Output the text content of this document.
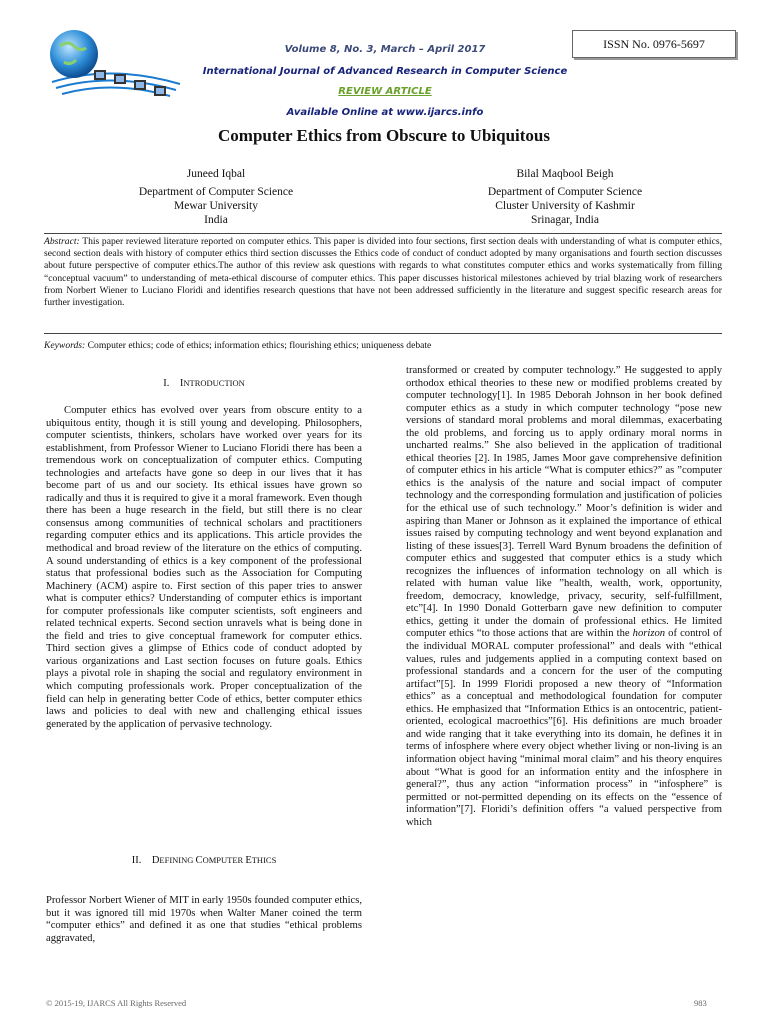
ISSN No. 0976-5697
Volume 8, No. 3, March – April 2017
International Journal of Advanced Research in Computer Science
REVIEW ARTICLE
Available Online at www.ijarcs.info
Computer Ethics from Obscure to Ubiquitous
Juneed Iqbal
Department of Computer Science
Mewar University
India
Bilal Maqbool Beigh
Department of Computer Science
Cluster University of Kashmir
Srinagar, India
Abstract: This paper reviewed literature reported on computer ethics. This paper is divided into four sections, first section deals with understanding of what is computer ethics, second section deals with history of computer ethics third section discusses the Ethics code of conduct of conduct adopted by many organisations and fourth section discusses about future perspective of computer ethics.The author of this review ask questions with regards to what constitutes computer ethics and works systematically from filling “conceptual vacuum” to understanding of meta-ethical discourse of computer ethics. This paper discusses historical milestones achieved by trial blazing work of researchers from Norbert Wiener to Luciano Floridi and identifies research questions that have not been addressed sufficiently in the literature and suggest specific research areas for further investigation.
Keywords: Computer ethics; code of ethics; information ethics; flourishing ethics; uniqueness debate
I. INTRODUCTION
Computer ethics has evolved over years from obscure entity to a ubiquitous entity, though it is still young and developing. Philosophers, computer scientists, thinkers, scholars have worked over years for its establishment, from Professor Wiener to Luciano Floridi there has been a tremendous work on conceptualization of computer ethics. Computing technologies and artefacts have gone so deep in our lives that it has become part of us and our society. Its ethical issues have grown so radically and thus it is required to give it a moral framework. Even though there has been a huge research in the field, but still there is no clear consensus among communities of technical scholars and practitioners regarding computer ethics and its applications. This article provides the methodical and broad review of the literature on the ethics of computing. A sound understanding of ethics is a key component of the professional status that professional bodies such as the Association for Computing Machinery (ACM) aspire to. First section of this paper tries to answer what is computer ethics? Understanding of computer ethics is important for computer professionals like computer scientists, soft engineers and related technical experts. Second section unravels what is being done in the field and tries to give conceptual framework for computer ethics. Third section gives a glimpse of Ethics code of conduct adopted by various organizations and Last section focuses on future goals. Ethics plays a pivotal role in shaping the social and regulatory environment in which computing professionals work. Proper conceptualization of the field can help in generating better Code of ethics, better computer ethics laws and policies to deal with new and challenging ethical issues generated by the application of pervasive technology.
II. DEFINING COMPUTER ETHICS
Professor Norbert Wiener of MIT in early 1950s founded computer ethics, but it was ignored till mid 1970s when Walter Maner coined the term “computer ethics” and defined it as one that studies “ethical problems aggravated,
transformed or created by computer technology.” He suggested to apply orthodox ethical theories to these new or modified problems created by computer technology[1]. In 1985 Deborah Johnson in her book defined computer ethics as a study in which computer technology “pose new versions of standard moral problems and moral dilemmas, exacerbating the old problems, and forcing us to apply ordinary moral norms in uncharted realms.” She also believed in the application of traditional ethical theories [2]. In 1985, James Moor gave comprehensive definition of computer ethics in his article “What is computer ethics?” as ”computer ethics is the analysis of the nature and social impact of computer technology and the corresponding formulation and justification of policies for the ethical use of such technology.” Moor’s definition is wider and aspiring than Maner or Johnson as it explained the importance of ethical issues raised by computing technology and went beyond explanation and listing of these issues[3]. Terrell Ward Bynum broadens the definition of computer ethics and suggested that computer ethics is a study which recognizes the influences of information technology on all which is related with human value like ”health, wealth, work, opportunity, freedom, democracy, knowledge, privacy, security, self-fulfillment, etc”[4]. In 1990 Donald Gotterbarn gave new definition to computer ethics, getting it under the domain of professional ethics. He limited computer ethics “to those actions that are within the horizon of control of the individual MORAL computer professional” and deals with “ethical values, rules and judgements applied in a computing context based on professional standards and a concern for the user of the computing artifact”[5]. In 1999 Floridi proposed a new theory of “Information ethics” as a conceptual and methodological foundation for computer ethics. He emphasized that “Information Ethics is an ontocentric, patient-oriented, ecological macroethics”[6]. His definitions are much broader and wide ranging that it take everything into its domain, he defines it in terms of infosphere where every object whether living or non-living is an information object having “minimal moral claim” and his theory enquires about “What is good for an information entity and the infosphere in general?”, thus any action “information process” in “infosphere” is permitted or not-permitted depending on its effects on the “essence of information”[7]. Floridi’s definition offers “a valued perspective from which
© 2015-19, IJARCS All Rights Reserved	983
